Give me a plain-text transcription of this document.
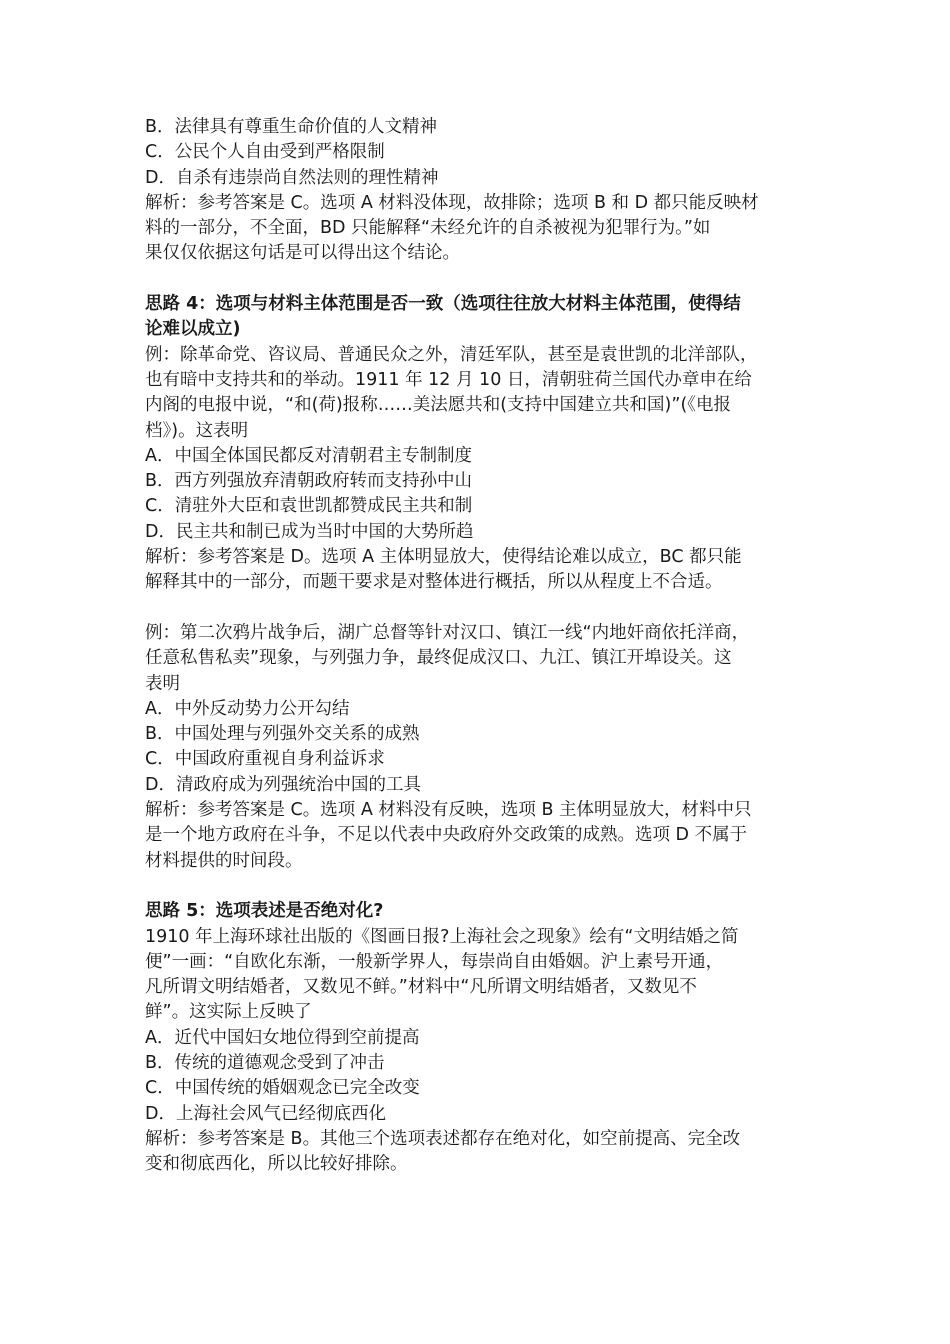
B．法律具有尊重生命价值的人文精神
C．公民个人自由受到严格限制
D．自杀有违崇尚自然法则的理性精神
解析：参考答案是 C。选项 A 材料没体现，故排除；选项 B 和 D 都只能反映材
料的一部分，不全面，BD 只能解释“未经允许的自杀被视为犯罪行为。”如
果仅仅依据这句话是可以得出这个结论。
思路 4：选项与材料主体范围是否一致（选项往往放大材料主体范围，使得结
论难以成立)
例：除革命党、咨议局、普通民众之外，清廷军队，甚至是袁世凯的北洋部队，
也有暗中支持共和的举动。1911 年 12 月 10 日，清朝驻荷兰国代办章申在给
内阁的电报中说，“和(荷)报称……美法愿共和(支持中国建立共和国)”(《电报
档》)。这表明
A．中国全体国民都反对清朝君主专制制度
B．西方列强放弃清朝政府转而支持孙中山
C．清驻外大臣和袁世凯都赞成民主共和制
D．民主共和制已成为当时中国的大势所趋
解析：参考答案是 D。选项 A 主体明显放大，使得结论难以成立，BC 都只能
解释其中的一部分，而题干要求是对整体进行概括，所以从程度上不合适。
例：第二次鸦片战争后，湖广总督等针对汉口、镇江一线“内地奸商依托洋商，
任意私售私卖”现象，与列强力争，最终促成汉口、九江、镇江开埠设关。这
表明
A．中外反动势力公开勾结
B．中国处理与列强外交关系的成熟
C．中国政府重视自身利益诉求
D．清政府成为列强统治中国的工具
解析：参考答案是 C。选项 A 材料没有反映，选项 B 主体明显放大，材料中只
是一个地方政府在斗争，不足以代表中央政府外交政策的成熟。选项 D 不属于
材料提供的时间段。
思路 5：选项表述是否绝对化?
1910 年上海环球社出版的《图画日报?上海社会之现象》绘有“文明结婚之简
便”一画：“自欧化东渐，一般新学界人，每崇尚自由婚姻。沪上素号开通，
凡所谓文明结婚者，又数见不鲜。”材料中“凡所谓文明结婚者，又数见不
鲜”。这实际上反映了
A．近代中国妇女地位得到空前提高
B．传统的道德观念受到了冲击
C．中国传统的婚姻观念已完全改变
D．上海社会风气已经彻底西化
解析：参考答案是 B。其他三个选项表述都存在绝对化，如空前提高、完全改
变和彻底西化，所以比较好排除。
